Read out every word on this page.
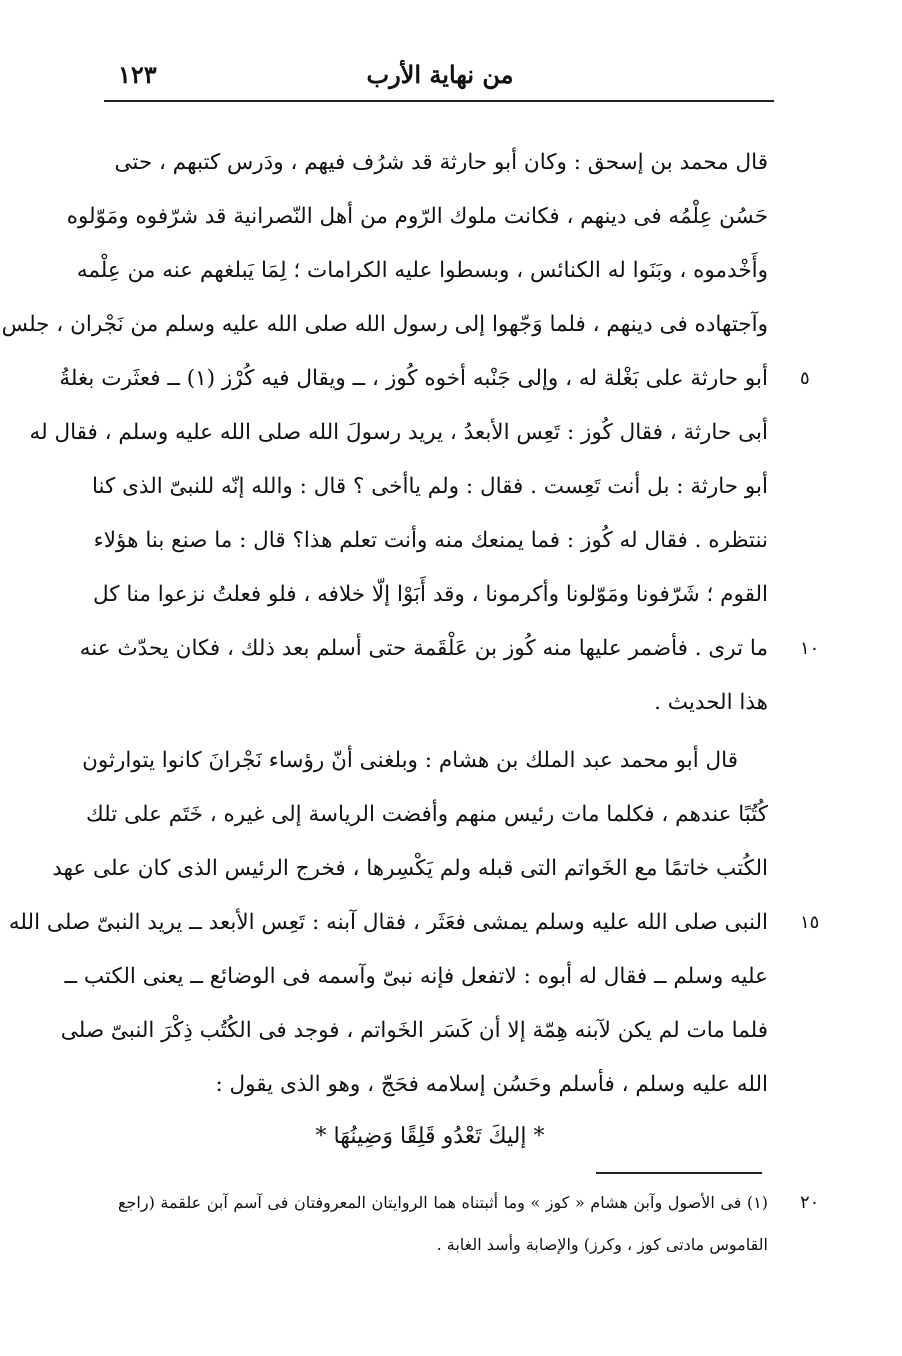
من نهاية الأرب
١٢٣
قال محمد بن إسحق : وكان أبو حارثة قد شرُف فيهم ، ودَرس كتبهم ، حتى
حَسُن عِلْمُه فى دينهم ، فكانت ملوك الرّوم من أهل النّصرانية قد شرّفوه ومَوّلوه
وأَخْدموه ، وبَنَوا له الكنائس ، وبسطوا عليه الكرامات ؛ لِمَا يَبلغهم عنه من عِلْمه
وآجتهاده فى دينهم ، فلما وَجّهوا إلى رسول الله صلى الله عليه وسلم من نَجْران ، جلس
أبو حارثة على بَغْلة له ، وإلى جَنْبه أخوه كُوز ، ــ ويقال فيه كُرْز (١) ــ فعثَرت بغلةُ
أبى حارثة ، فقال كُوز : تَعِس الأبعدُ ، يريد رسولَ الله صلى الله عليه وسلم ، فقال له
أبو حارثة : بل أنت تَعِست . فقال : ولم ياأخى ؟ قال : والله إنّه للنبىّ الذى كنا
ننتظره . فقال له كُوز : فما يمنعك منه وأنت تعلم هذا؟ قال : ما صنع بنا هؤلاء
القوم ؛ شَرّفونا ومَوّلونا وأكرمونا ، وقد أَبَوْا إلّا خلافه ، فلو فعلتُ نزعوا منا كل
ما ترى . فأضمر عليها منه كُوز بن عَلْقَمة حتى أسلم بعد ذلك ، فكان يحدّث عنه
هذا الحديث .
قال أبو محمد عبد الملك بن هشام : وبلغنى أنّ رؤساء نَجْرانَ كانوا يتوارثون
كُتُبًا عندهم ، فكلما مات رئيس منهم وأفضت الرياسة إلى غيره ، خَتَم على تلك
الكُتب خاتمًا مع الخَواتم التى قبله ولم يَكْسِرها ، فخرج الرئيس الذى كان على عهد
النبى صلى الله عليه وسلم يمشى فعَثَر ، فقال آبنه : تَعِس الأبعد ــ يريد النبىّ صلى الله
عليه وسلم ــ فقال له أبوه : لاتفعل فإنه نبىّ وآسمه فى الوضائع ــ يعنى الكتب ــ
فلما مات لم يكن لآبنه هِمّة إلا أن كَسَر الخَواتم ، فوجد فى الكُتُب ذِكْرَ النبىّ صلى
الله عليه وسلم ، فأسلم وحَسُن إسلامه فحَجّ ، وهو الذى يقول :
* إليكَ تَعْدُو قَلِقًا وَضِينُهَا *
٥
١٠
١٥
٢٠
(١) فى الأصول وآبن هشام « كوز » وما أثبتناه هما الروايتان المعروفتان فى آسم آبن علقمة (راجع
القاموس مادتى كوز ، وكرز) والإصابة وأسد الغابة .
